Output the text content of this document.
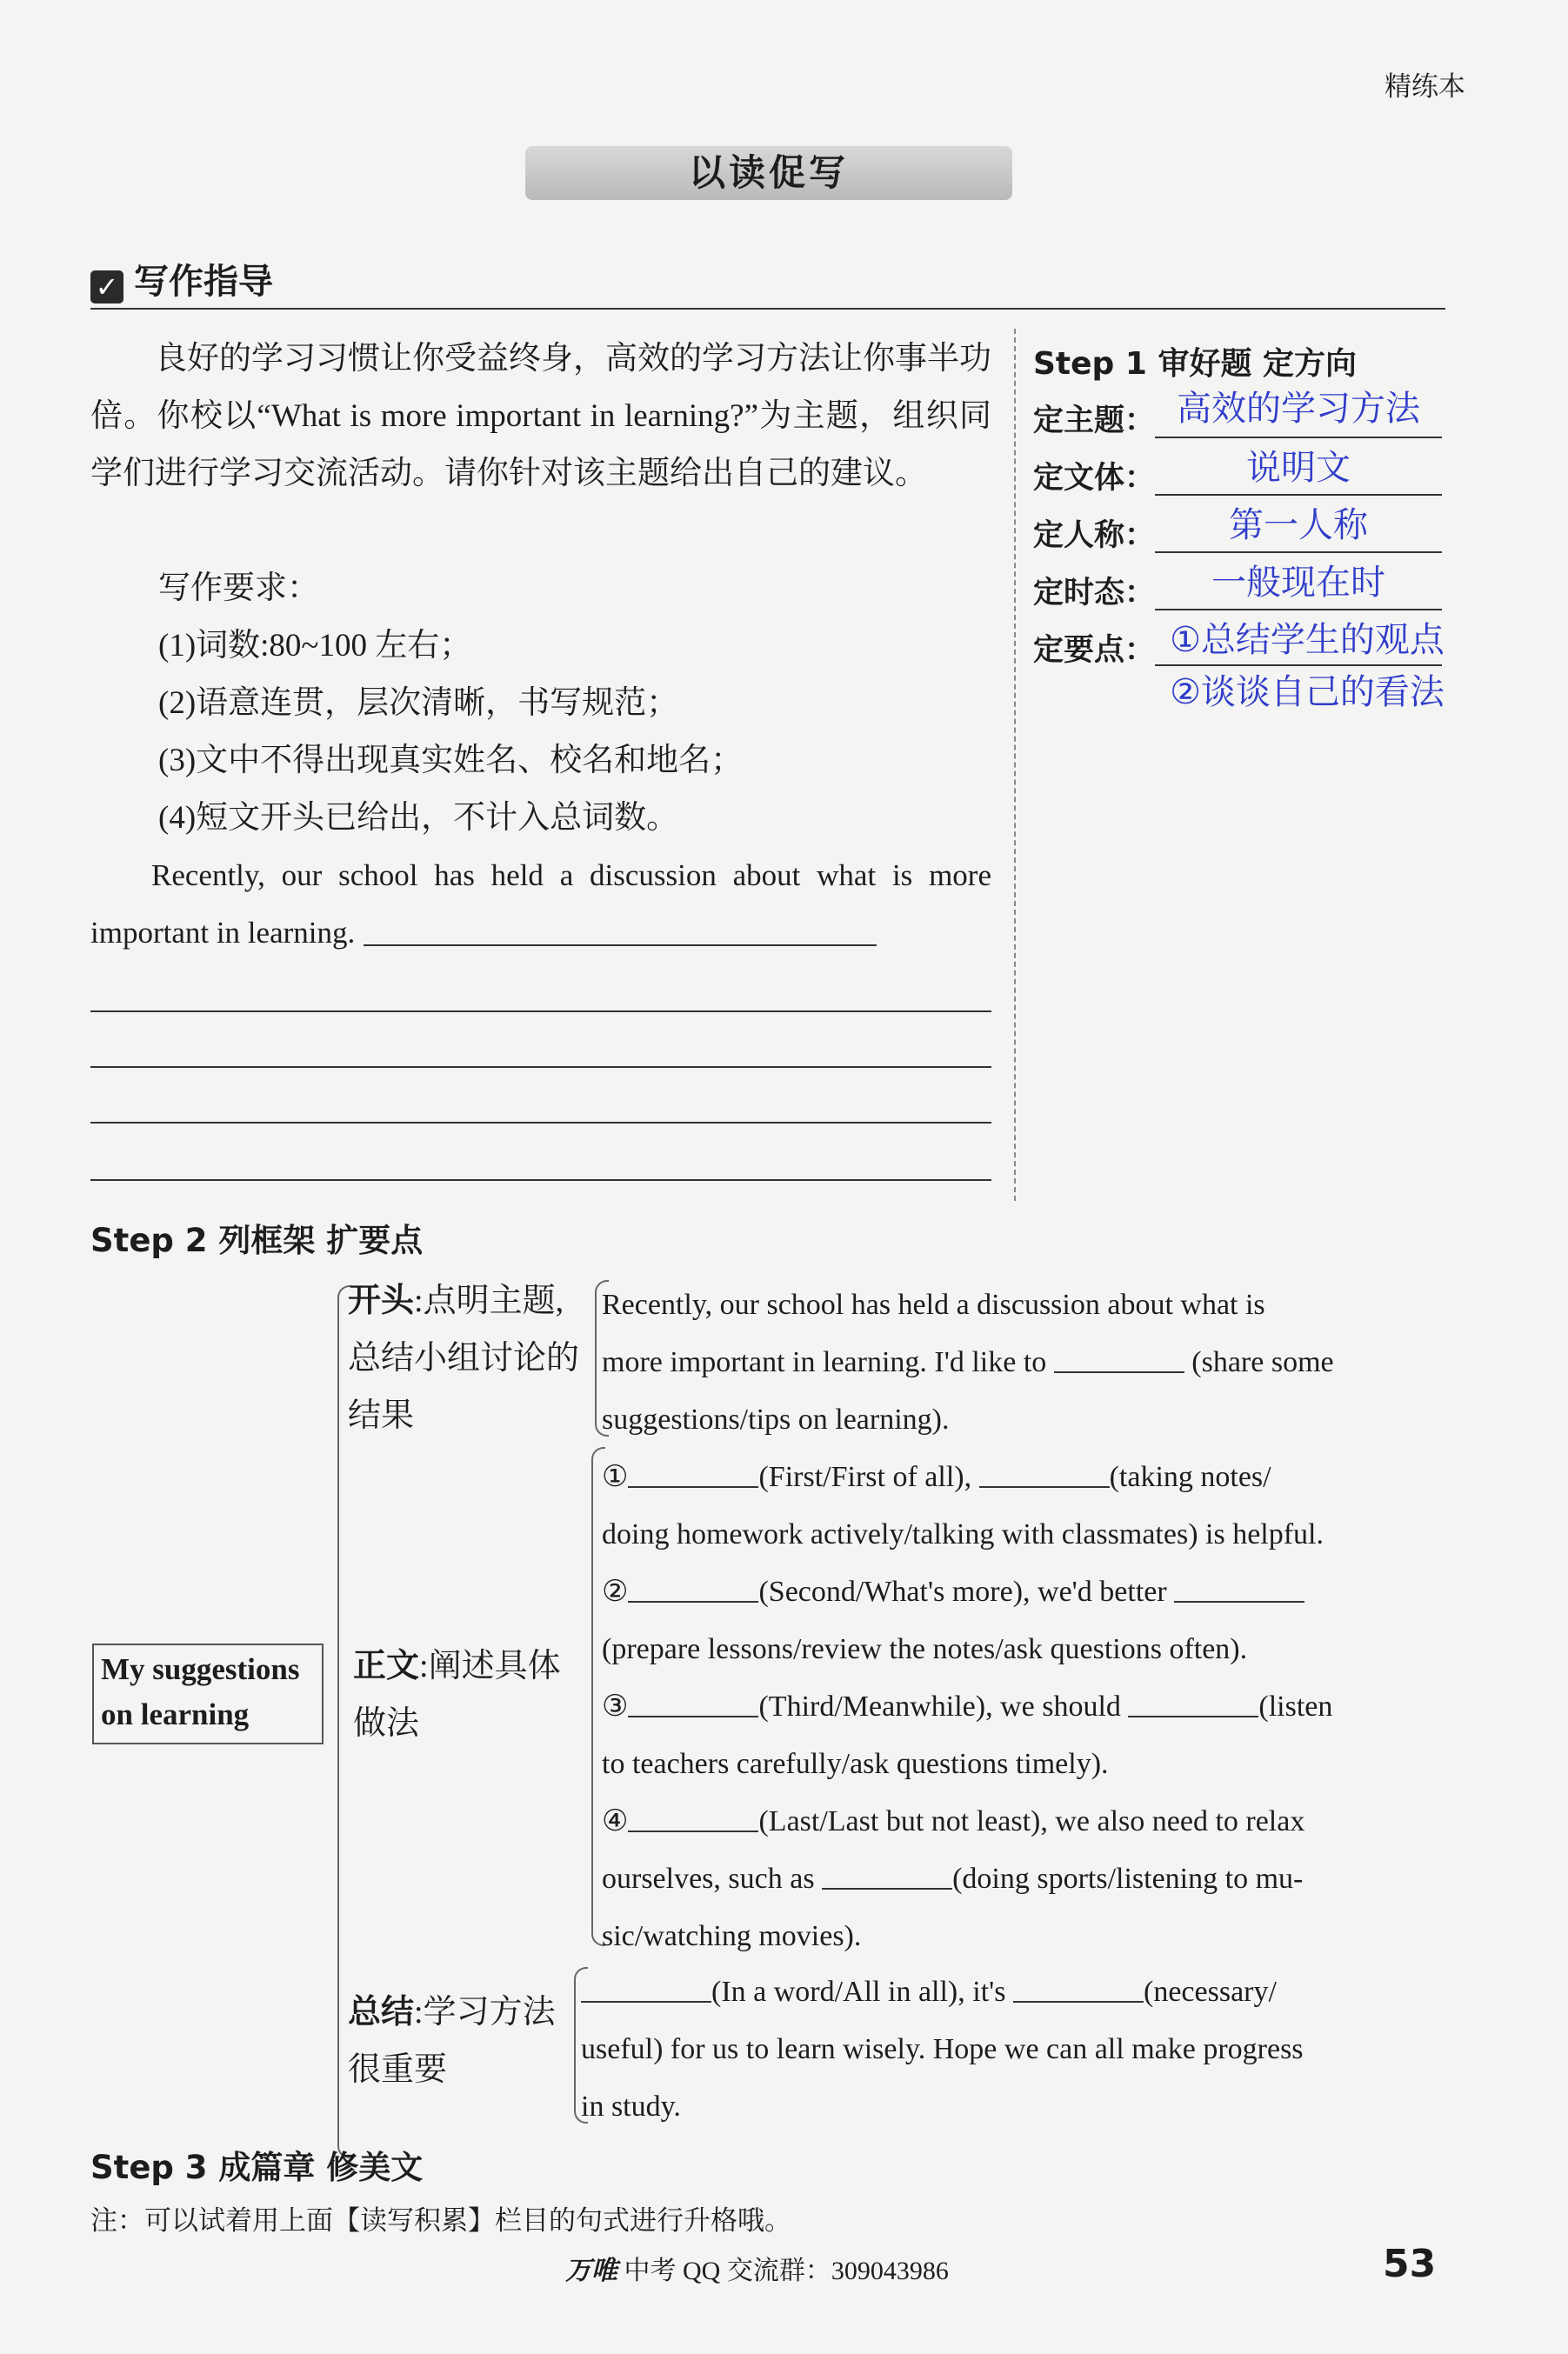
精练本
以读促写
✓ 写作指导
良好的学习习惯让你受益终身，高效的学习方法让你事半功倍。你校以“What is more important in learning?”为主题，组织同学们进行学习交流活动。请你针对该主题给出自己的建议。
写作要求：
(1)词数:80~100 左右；
(2)语意连贯，层次清晰，书写规范；
(3)文中不得出现真实姓名、校名和地名；
(4)短文开头已给出，不计入总词数。
Recently, our school has held a discussion about what is more important in learning.
Step 1 审好题 定方向
定主题： 高效的学习方法
定文体：	说明文
定人称：	第一人称
定时态：	一般现在时
定要点： ①总结学生的观点
②谈谈自己的看法
Step 2 列框架 扩要点
My suggestions on learning
开头:点明主题,总结小组讨论的结果
Recently, our school has held a discussion about what is
more important in learning. I'd like to	(share some
suggestions/tips on learning).
正文:阐述具体做法
①	(First/First of all),	(taking notes/
doing homework actively/talking with classmates) is helpful.
②	(Second/What's more), we'd better
(prepare lessons/review the notes/ask questions often).
③	(Third/Meanwhile), we should	(listen
to teachers carefully/ask questions timely).
④	(Last/Last but not least), we also need to relax
ourselves, such as	(doing sports/listening to mu-
sic/watching movies).
总结:学习方法很重要
(In a word/All in all), it's	(necessary/
useful) for us to learn wisely. Hope we can all make progress
in study.
Step 3 成篇章 修美文
注：可以试着用上面【读写积累】栏目的句式进行升格哦。
万唯 中考 QQ 交流群：309043986	53
